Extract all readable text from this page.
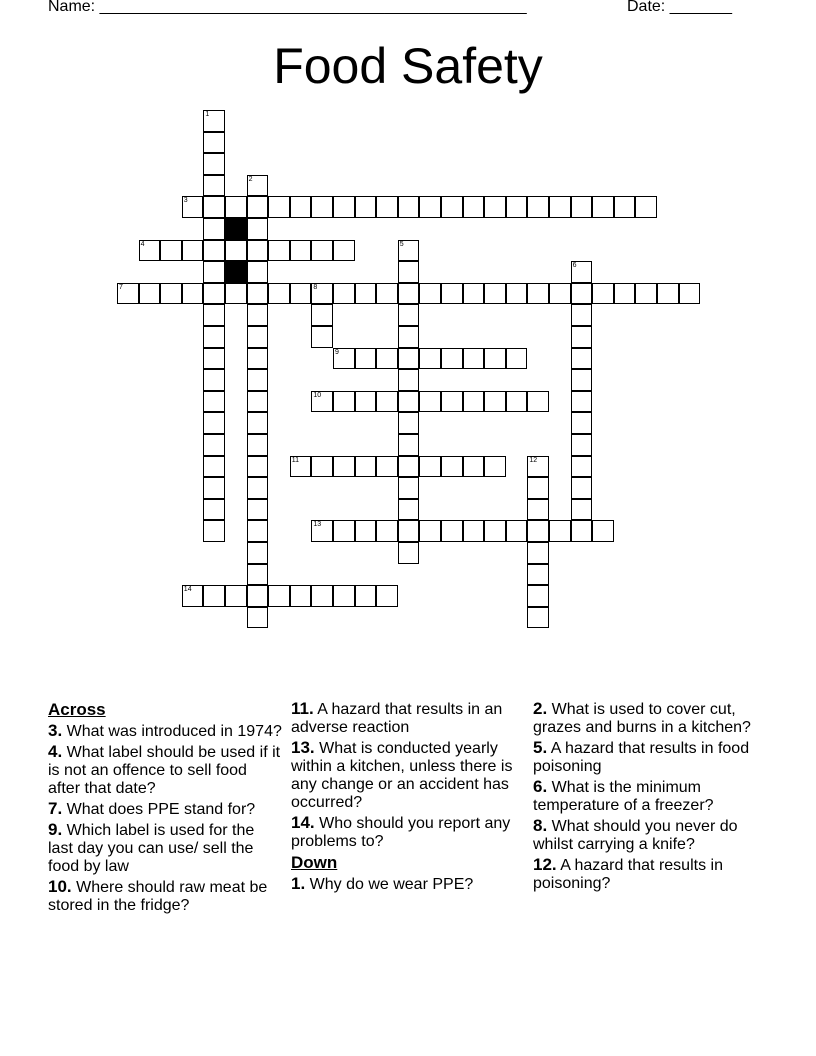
Name: ________________________________________________	Date: _______
Food Safety
3
4
7	8
9
10
11
13
14
1
2
5
6
12
Across
3. What was introduced in 1974?
4. What label should be used if it is not an offence to sell food after that date?
7. What does PPE stand for?
9. Which label is used for the last day you can use/ sell the food by law
10. Where should raw meat be stored in the fridge?
11. A hazard that results in an adverse reaction
13. What is conducted yearly within a kitchen, unless there is any change or an accident has occurred?
14. Who should you report any problems to?
Down
1. Why do we wear PPE?
2. What is used to cover cut, grazes and burns in a kitchen?
5. A hazard that results in food poisoning
6. What is the minimum temperature of a freezer?
8. What should you never do whilst carrying a knife?
12. A hazard that results in poisoning?
